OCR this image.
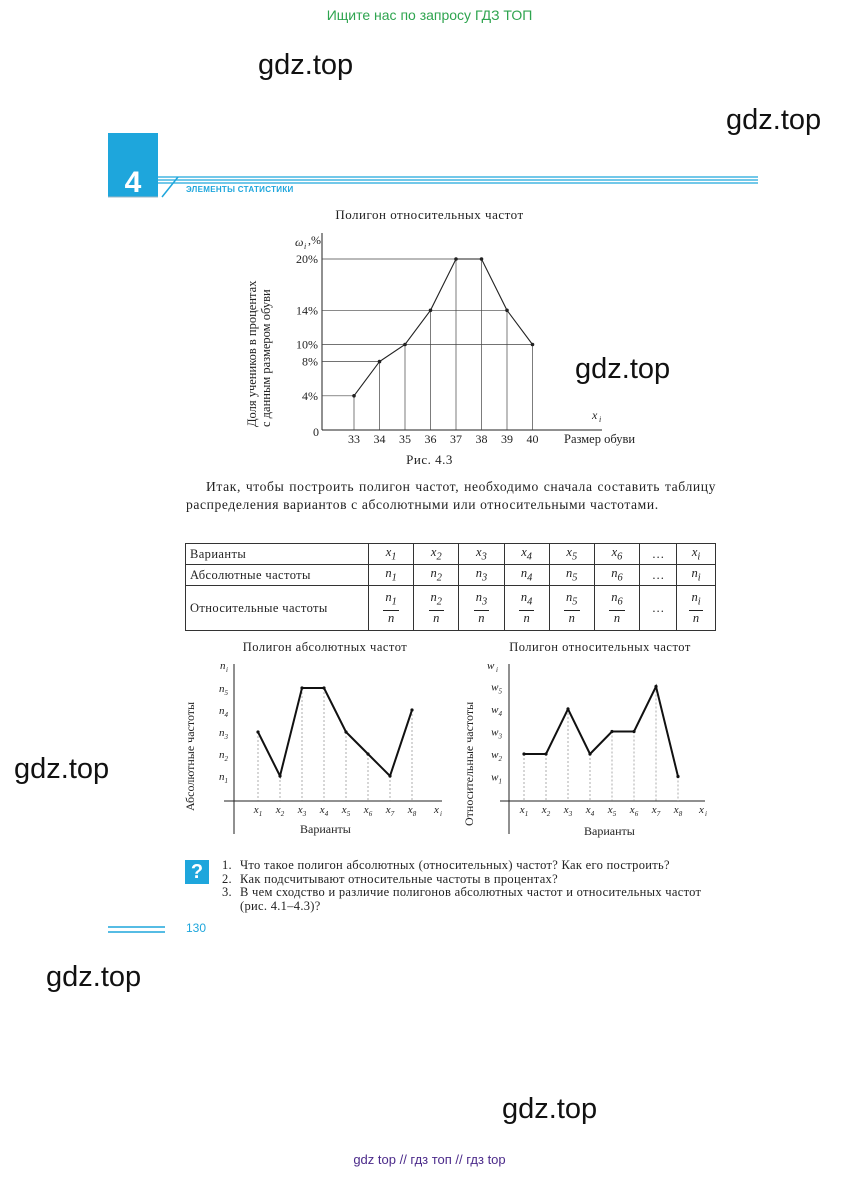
Ищите нас по запросу ГДЗ ТОП
gdz.top
gdz.top
gdz.top
gdz.top
gdz.top
gdz.top
4	ЭЛЕМЕНТЫ СТАТИСТИКИ
Полигон относительных частот
ω i ,%
x i
0	Размер обуви
Доля учеников в процентах с данным размером обуви 4%
8%
10%
14%
20%
33 34 35 36 37 38 39 40
Рис. 4.3
Итак, чтобы построить полигон частот, необходимо сначала составить таблицу распределения вариантов с абсолютными или относительными частотами.
Варианты	$x_1$	$x_2$	$x_3$	$x_4$	$x_5$	$x_6$	…	$x_i$
Абсолютные частоты	$n_1$	$n_2$	$n_3$	$n_4$	$n_5$	$n_6$	…	$n_i$
Относительные частоты	$\frac{n_1}{n}$	$\frac{n_2}{n}$	$\frac{n_3}{n}$	$\frac{n_4}{n}$	$\frac{n_5}{n}$	$\frac{n_6}{n}$	…	$\frac{n_i}{n}$
Полигон абсолютных частот
n i
x i
Варианты
Абсолютные частоты $n_1$
$n_2$
$n_3$
$n_4$
$n_5$
$x_1$ $x_2$ $x_3$ $x_4$ $x_5$ $x_6$ $x_7$ $x_8$
Полигон относительных частот
w i
x i
Варианты
Относительные частоты $w_1$
$w_2$
$w_3$
$w_4$
$w_5$
$x_1$ $x_2$ $x_3$ $x_4$ $x_5$ $x_6$ $x_7$ $x_8$
?	1. Что такое полигон абсолютных (относительных) частот? Как его построить?
2. Как подсчитывают относительные частоты в процентах?
3. В чем сходство и различие полигонов абсолютных частот и относительных частот (рис. 4.1–4.3)?
130
gdz top // гдз топ // гдз top
